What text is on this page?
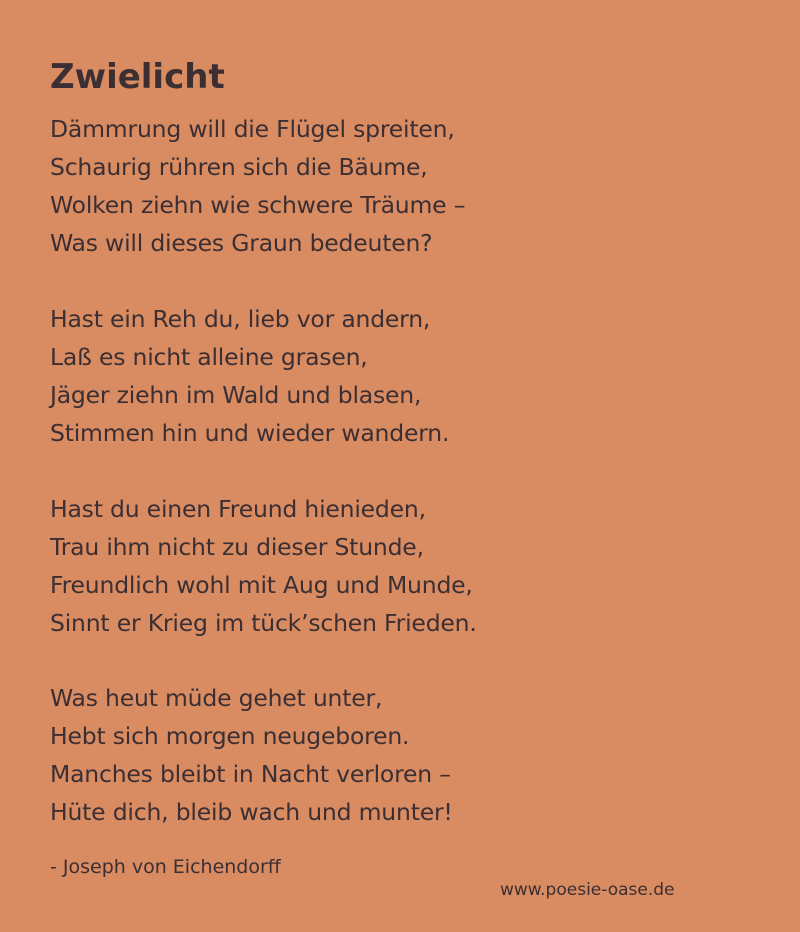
Zwielicht
Dämmrung will die Flügel spreiten,
Schaurig rühren sich die Bäume,
Wolken ziehn wie schwere Träume –
Was will dieses Graun bedeuten?
Hast ein Reh du, lieb vor andern,
Laß es nicht alleine grasen,
Jäger ziehn im Wald und blasen,
Stimmen hin und wieder wandern.
Hast du einen Freund hienieden,
Trau ihm nicht zu dieser Stunde,
Freundlich wohl mit Aug und Munde,
Sinnt er Krieg im tück’schen Frieden.
Was heut müde gehet unter,
Hebt sich morgen neugeboren.
Manches bleibt in Nacht verloren –
Hüte dich, bleib wach und munter!

- Joseph von Eichendorff

www.poesie-oase.de
